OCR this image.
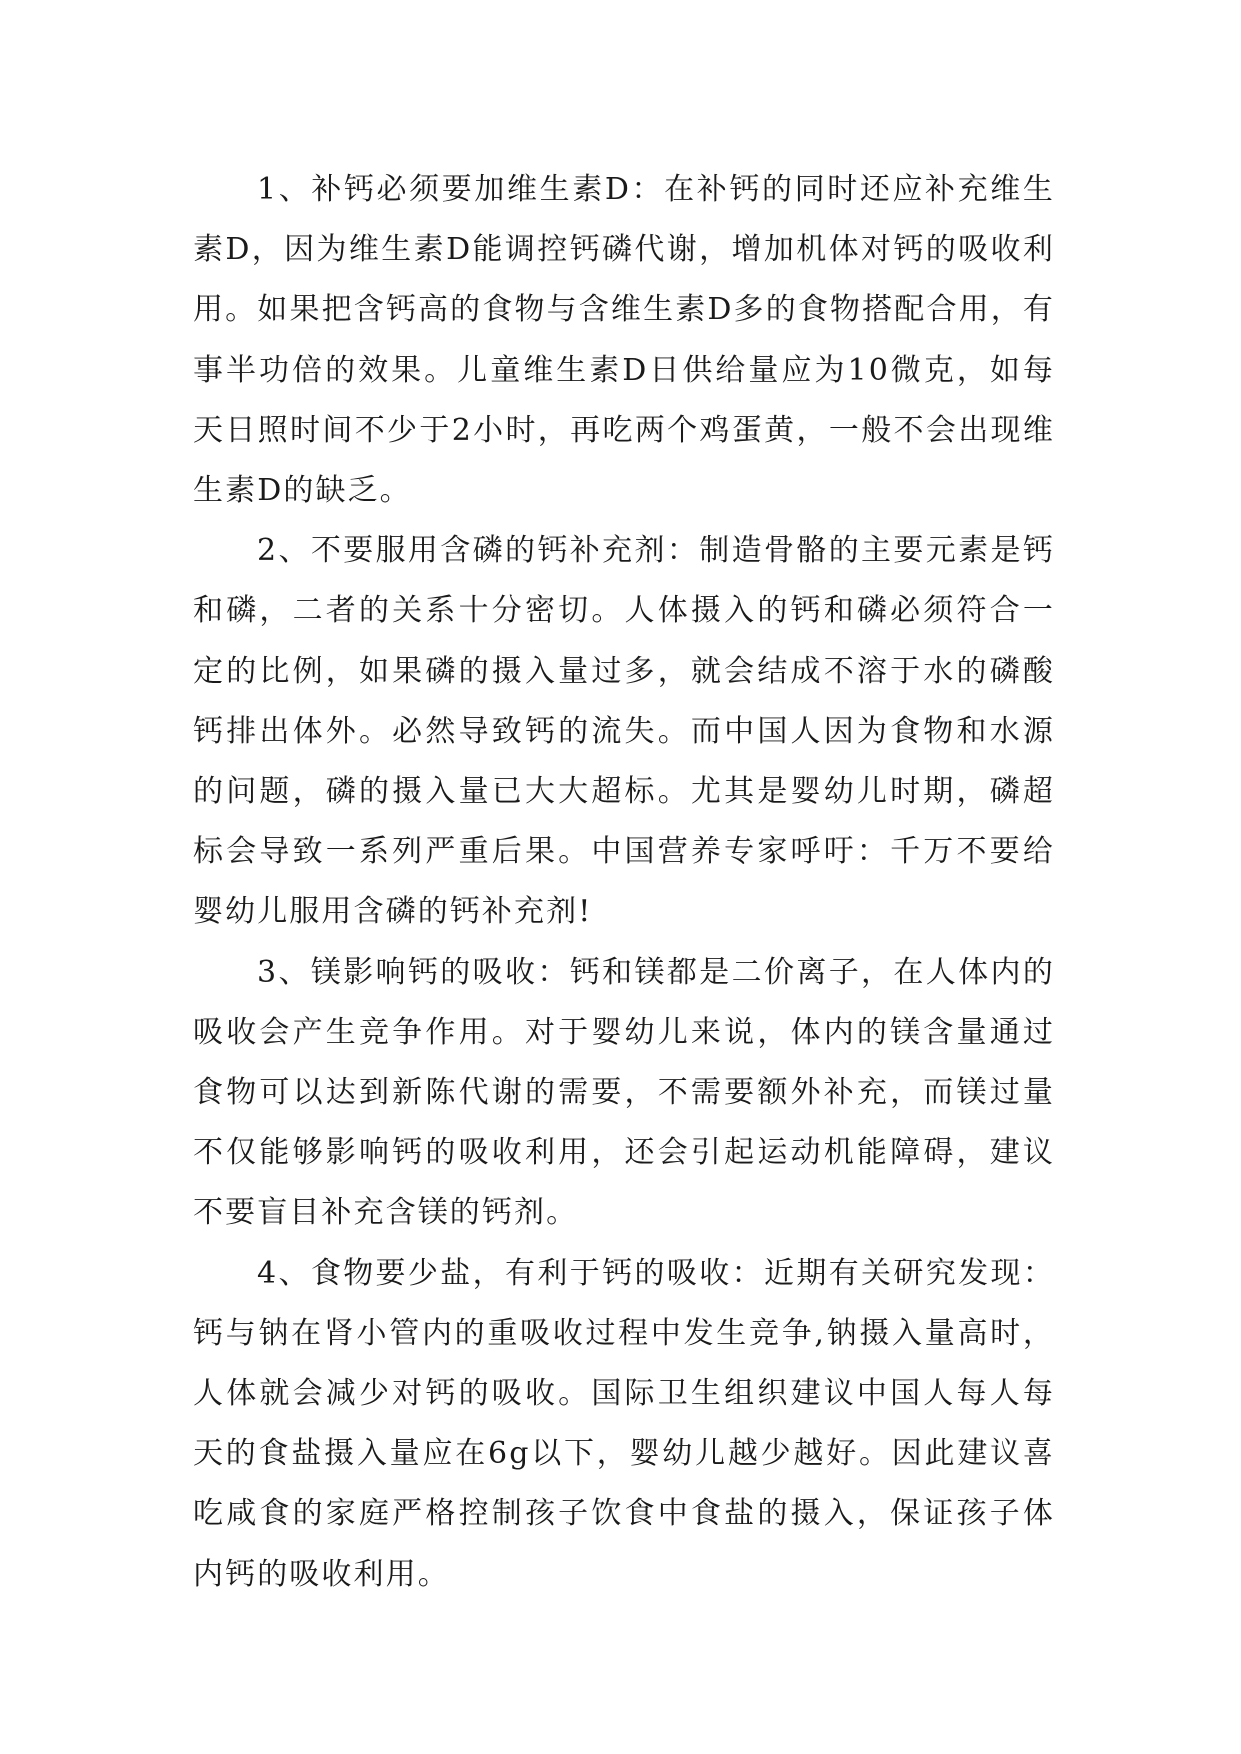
1、补钙必须要加维生素D：在补钙的同时还应补充维生素D，因为维生素D能调控钙磷代谢，增加机体对钙的吸收利用。如果把含钙高的食物与含维生素D多的食物搭配合用，有事半功倍的效果。儿童维生素D日供给量应为10微克，如每天日照时间不少于2小时，再吃两个鸡蛋黄，一般不会出现维生素D的缺乏。

2、不要服用含磷的钙补充剂：制造骨骼的主要元素是钙和磷，二者的关系十分密切。人体摄入的钙和磷必须符合一定的比例，如果磷的摄入量过多，就会结成不溶于水的磷酸钙排出体外。必然导致钙的流失。而中国人因为食物和水源的问题，磷的摄入量已大大超标。尤其是婴幼儿时期，磷超标会导致一系列严重后果。中国营养专家呼吁：千万不要给婴幼儿服用含磷的钙补充剂!

3、镁影响钙的吸收：钙和镁都是二价离子，在人体内的吸收会产生竞争作用。对于婴幼儿来说，体内的镁含量通过食物可以达到新陈代谢的需要，不需要额外补充，而镁过量不仅能够影响钙的吸收利用，还会引起运动机能障碍，建议不要盲目补充含镁的钙剂。

4、食物要少盐，有利于钙的吸收：近期有关研究发现：钙与钠在肾小管内的重吸收过程中发生竞争,钠摄入量高时，人体就会减少对钙的吸收。国际卫生组织建议中国人每人每天的食盐摄入量应在6g以下，婴幼儿越少越好。因此建议喜吃咸食的家庭严格控制孩子饮食中食盐的摄入，保证孩子体内钙的吸收利用。
